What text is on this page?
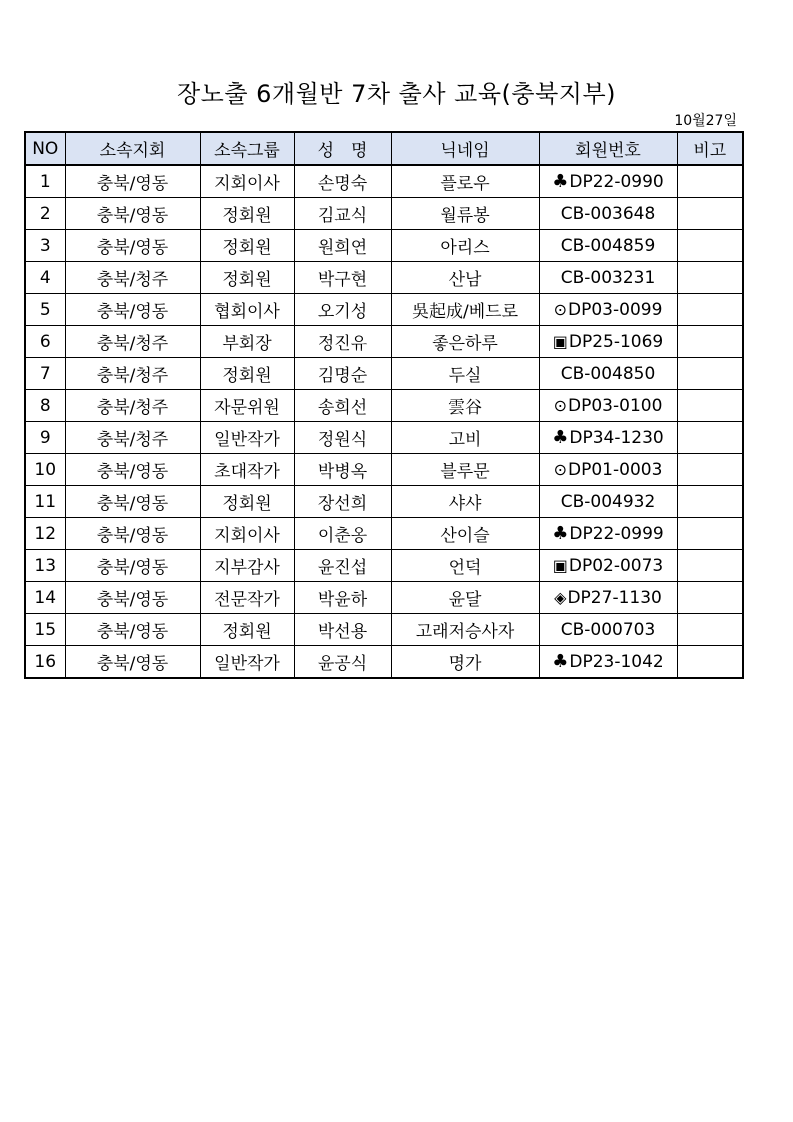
장노출 6개월반 7차 출사 교육(충북지부)
10월27일
NO	소속지회	소속그룹	성　명	닉네임	회원번호	비고
1	충북/영동	지회이사	손명숙	플로우	♣DP22-0990	
2	충북/영동	정회원	김교식	월류봉	CB-003648	
3	충북/영동	정회원	원희연	아리스	CB-004859	
4	충북/청주	정회원	박구현	산남	CB-003231	
5	충북/영동	협회이사	오기성	吳起成/베드로	⊙DP03-0099	
6	충북/청주	부회장	정진유	좋은하루	▣DP25-1069	
7	충북/청주	정회원	김명순	두실	CB-004850	
8	충북/청주	자문위원	송희선	雲谷	⊙DP03-0100	
9	충북/청주	일반작가	정원식	고비	♣DP34-1230	
10	충북/영동	초대작가	박병옥	블루문	⊙DP01-0003	
11	충북/영동	정회원	장선희	샤샤	CB-004932	
12	충북/영동	지회이사	이춘옹	산이슬	♣DP22-0999	
13	충북/영동	지부감사	윤진섭	언덕	▣DP02-0073	
14	충북/영동	전문작가	박윤하	윤달	◈DP27-1130	
15	충북/영동	정회원	박선용	고래저승사자	CB-000703	
16	충북/영동	일반작가	윤공식	명가	♣DP23-1042	
